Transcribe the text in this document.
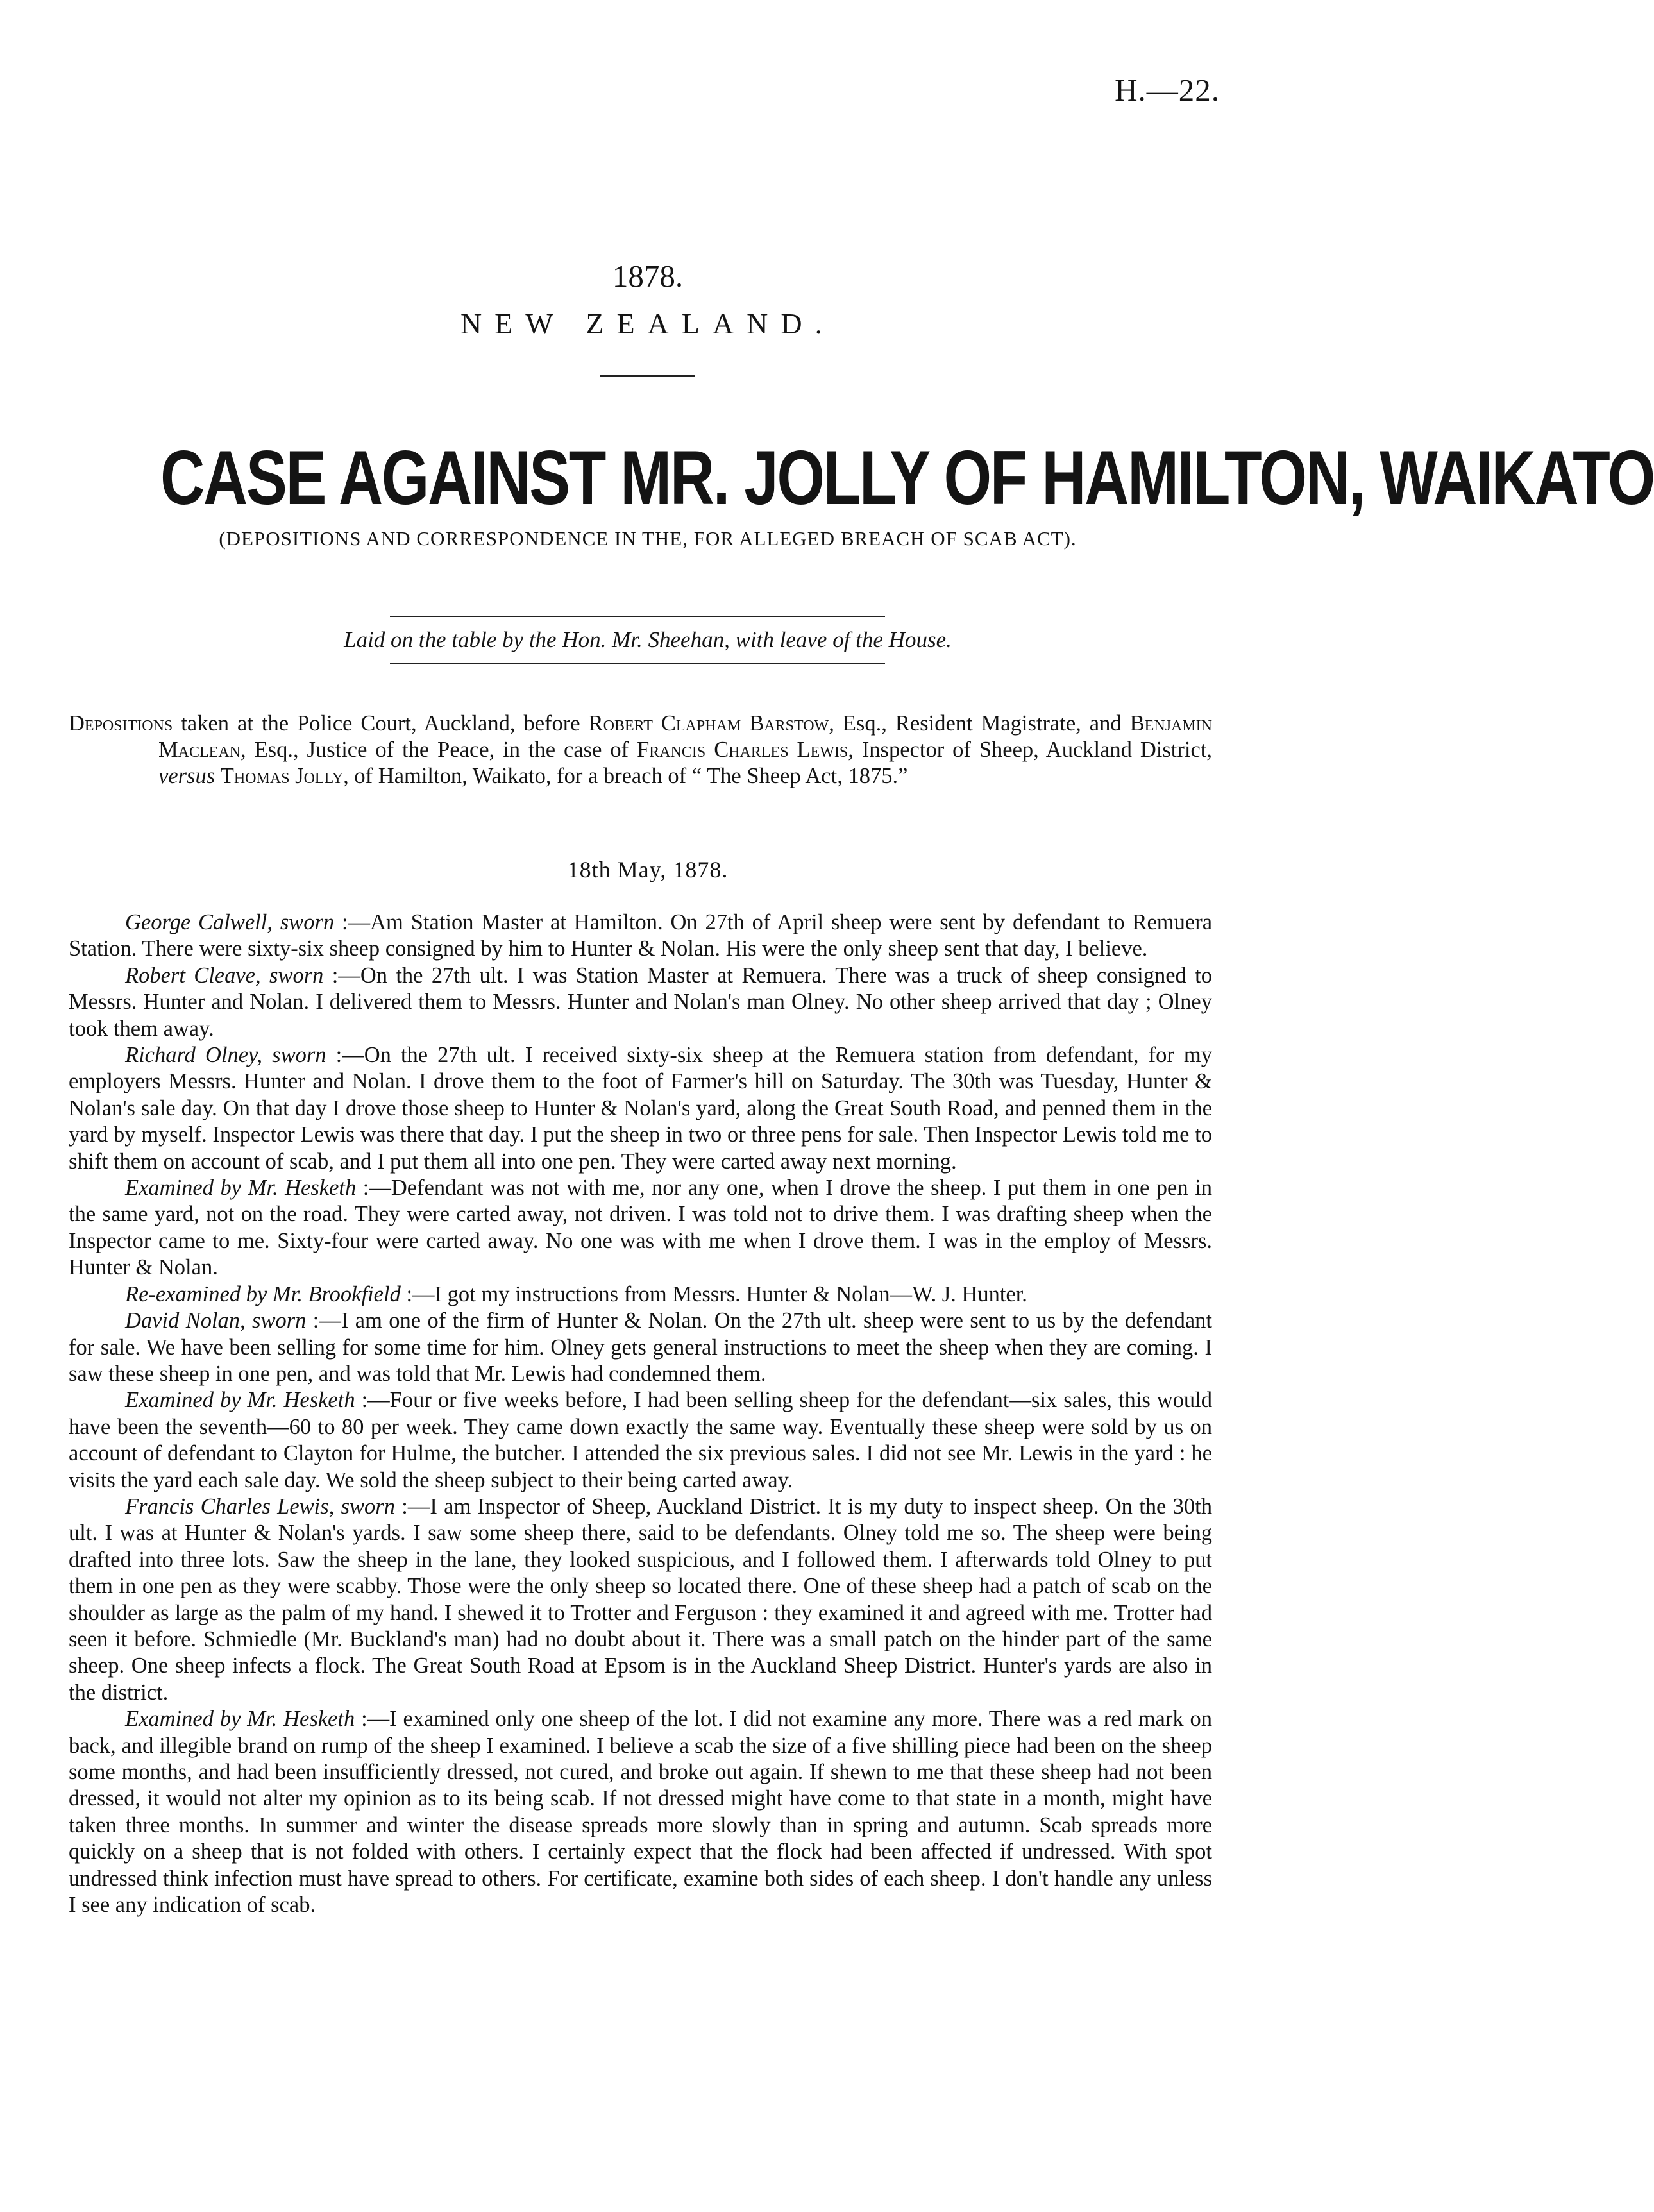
H.—22.
1878.
NEW ZEALAND.
CASE AGAINST MR. JOLLY OF HAMILTON, WAIKATO
(DEPOSITIONS AND CORRESPONDENCE IN THE, FOR ALLEGED BREACH OF SCAB ACT).
Laid on the table by the Hon. Mr. Sheehan, with leave of the House.
Depositions taken at the Police Court, Auckland, before Robert Clapham Barstow, Esq., Resident Magistrate, and Benjamin Maclean, Esq., Justice of the Peace, in the case of Francis Charles Lewis, Inspector of Sheep, Auckland District, versus Thomas Jolly, of Hamilton, Waikato, for a breach of “ The Sheep Act, 1875.”
18th May, 1878.

George Calwell, sworn :—Am Station Master at Hamilton. On 27th of April sheep were sent by defendant to Remuera Station. There were sixty-six sheep consigned by him to Hunter & Nolan. His were the only sheep sent that day, I believe.

Robert Cleave, sworn :—On the 27th ult. I was Station Master at Remuera. There was a truck of sheep consigned to Messrs. Hunter and Nolan. I delivered them to Messrs. Hunter and Nolan's man Olney. No other sheep arrived that day ; Olney took them away.

Richard Olney, sworn :—On the 27th ult. I received sixty-six sheep at the Remuera station from defendant, for my employers Messrs. Hunter and Nolan. I drove them to the foot of Farmer's hill on Saturday. The 30th was Tuesday, Hunter & Nolan's sale day. On that day I drove those sheep to Hunter & Nolan's yard, along the Great South Road, and penned them in the yard by myself. Inspector Lewis was there that day. I put the sheep in two or three pens for sale. Then Inspector Lewis told me to shift them on account of scab, and I put them all into one pen. They were carted away next morning.

Examined by Mr. Hesketh :—Defendant was not with me, nor any one, when I drove the sheep. I put them in one pen in the same yard, not on the road. They were carted away, not driven. I was told not to drive them. I was drafting sheep when the Inspector came to me. Sixty-four were carted away. No one was with me when I drove them. I was in the employ of Messrs. Hunter & Nolan.

Re-examined by Mr. Brookfield :—I got my instructions from Messrs. Hunter & Nolan—W. J. Hunter.

David Nolan, sworn :—I am one of the firm of Hunter & Nolan. On the 27th ult. sheep were sent to us by the defendant for sale. We have been selling for some time for him. Olney gets general instructions to meet the sheep when they are coming. I saw these sheep in one pen, and was told that Mr. Lewis had condemned them.

Examined by Mr. Hesketh :—Four or five weeks before, I had been selling sheep for the defendant—six sales, this would have been the seventh—60 to 80 per week. They came down exactly the same way. Eventually these sheep were sold by us on account of defendant to Clayton for Hulme, the butcher. I attended the six previous sales. I did not see Mr. Lewis in the yard : he visits the yard each sale day. We sold the sheep subject to their being carted away.

Francis Charles Lewis, sworn :—I am Inspector of Sheep, Auckland District. It is my duty to inspect sheep. On the 30th ult. I was at Hunter & Nolan's yards. I saw some sheep there, said to be defendants. Olney told me so. The sheep were being drafted into three lots. Saw the sheep in the lane, they looked suspicious, and I followed them. I afterwards told Olney to put them in one pen as they were scabby. Those were the only sheep so located there. One of these sheep had a patch of scab on the shoulder as large as the palm of my hand. I shewed it to Trotter and Ferguson : they examined it and agreed with me. Trotter had seen it before. Schmiedle (Mr. Buckland's man) had no doubt about it. There was a small patch on the hinder part of the same sheep. One sheep infects a flock. The Great South Road at Epsom is in the Auckland Sheep District. Hunter's yards are also in the district.

Examined by Mr. Hesketh :—I examined only one sheep of the lot. I did not examine any more. There was a red mark on back, and illegible brand on rump of the sheep I examined. I believe a scab the size of a five shilling piece had been on the sheep some months, and had been insufficiently dressed, not cured, and broke out again. If shewn to me that these sheep had not been dressed, it would not alter my opinion as to its being scab. If not dressed might have come to that state in a month, might have taken three months. In summer and winter the disease spreads more slowly than in spring and autumn. Scab spreads more quickly on a sheep that is not folded with others. I certainly expect that the flock had been affected if undressed. With spot undressed think infection must have spread to others. For certificate, examine both sides of each sheep. I don't handle any unless I see any indication of scab.
